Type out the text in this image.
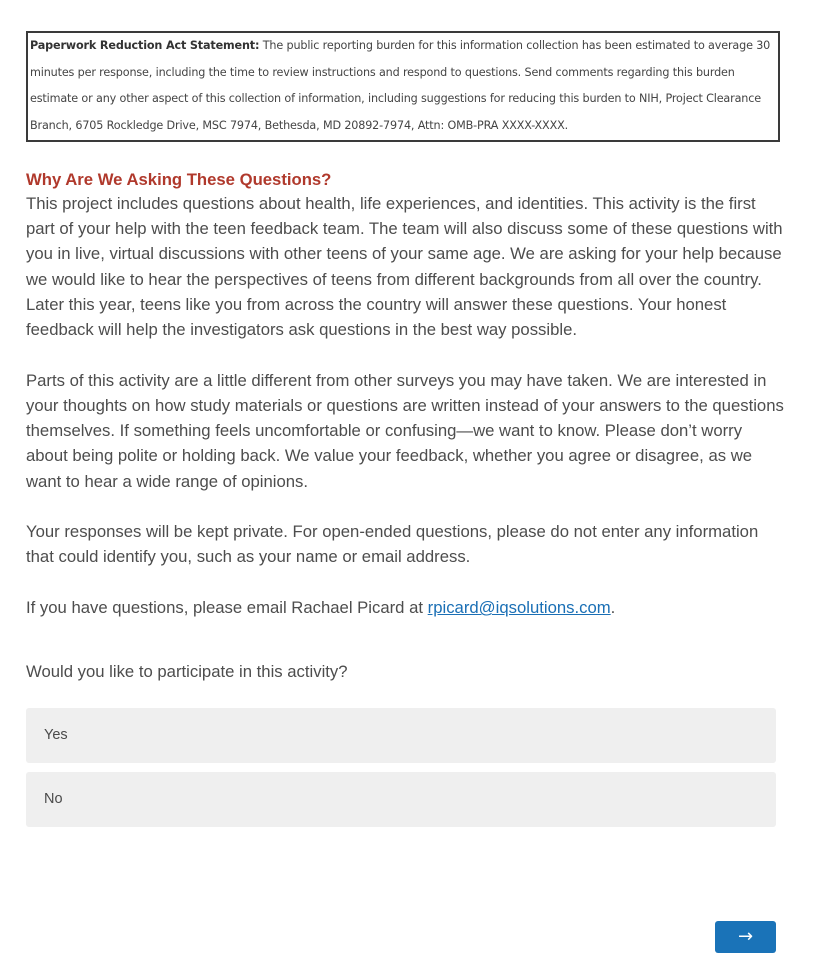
Paperwork Reduction Act Statement: The public reporting burden for this information collection has been estimated to average 30 minutes per response, including the time to review instructions and respond to questions. Send comments regarding this burden estimate or any other aspect of this collection of information, including suggestions for reducing this burden to NIH, Project Clearance Branch, 6705 Rockledge Drive, MSC 7974, Bethesda, MD 20892-7974, Attn: OMB-PRA XXXX-XXXX.

Why Are We Asking These Questions?

This project includes questions about health, life experiences, and identities. This activity is the first part of your help with the teen feedback team. The team will also discuss some of these questions with you in live, virtual discussions with other teens of your same age. We are asking for your help because we would like to hear the perspectives of teens from different backgrounds from all over the country. Later this year, teens like you from across the country will answer these questions. Your honest feedback will help the investigators ask questions in the best way possible.

Parts of this activity are a little different from other surveys you may have taken. We are interested in your thoughts on how study materials or questions are written instead of your answers to the questions themselves. If something feels uncomfortable or confusing—we want to know. Please don’t worry about being polite or holding back. We value your feedback, whether you agree or disagree, as we want to hear a wide range of opinions.

Your responses will be kept private. For open-ended questions, please do not enter any information that could identify you, such as your name or email address.

If you have questions, please email Rachael Picard at rpicard@iqsolutions.com.

Would you like to participate in this activity?
Yes
No
→
